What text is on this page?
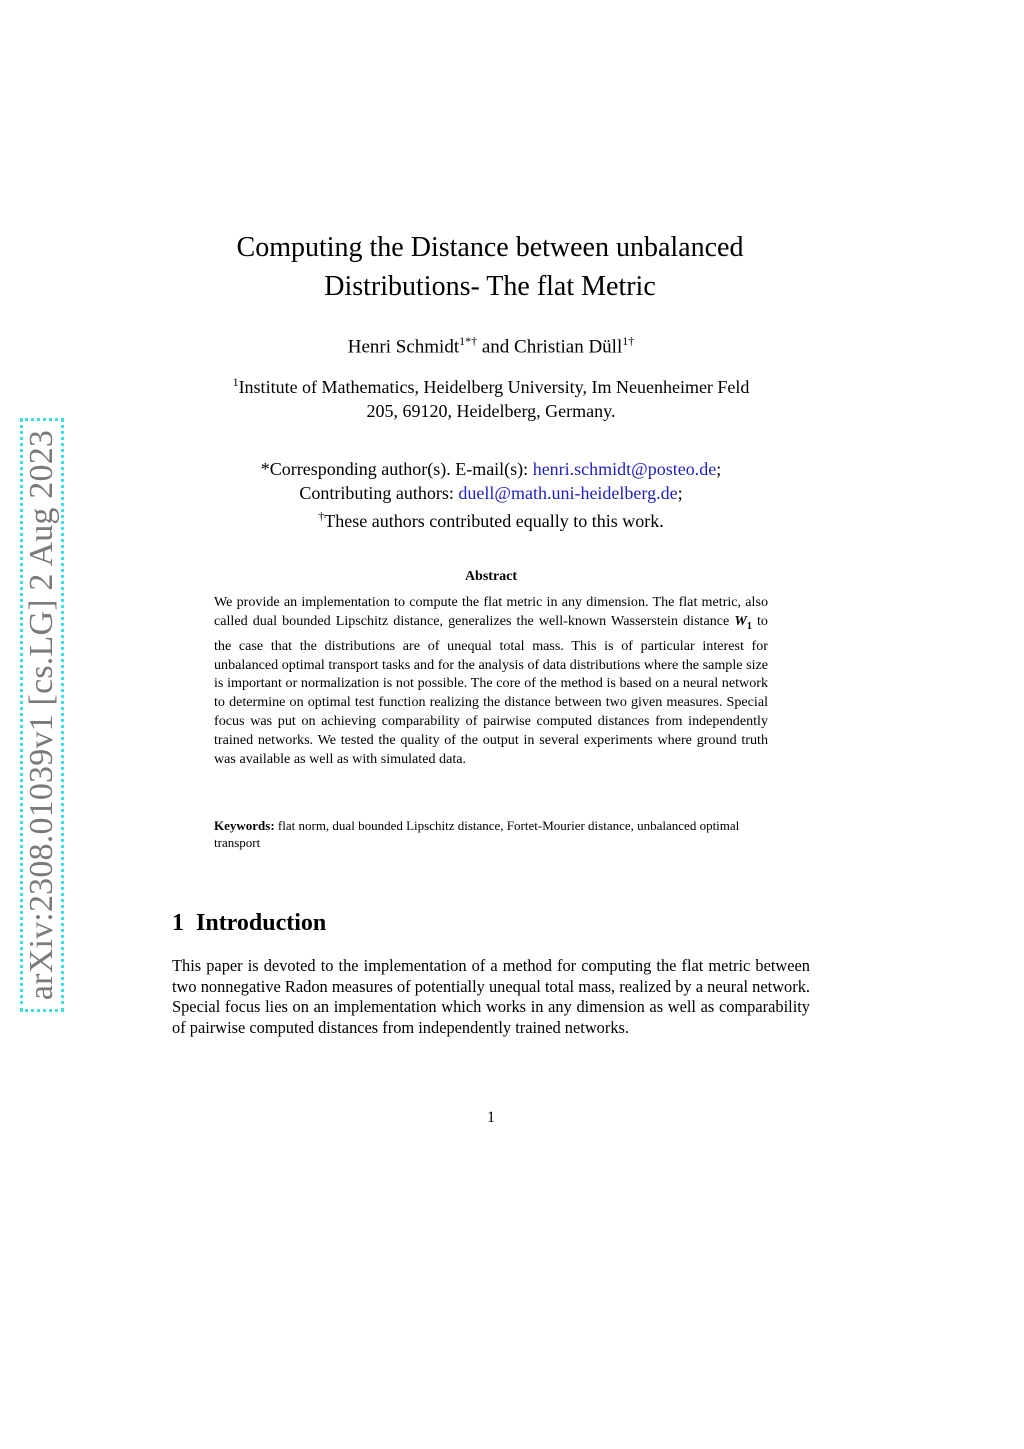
arXiv:2308.01039v1 [cs.LG] 2 Aug 2023
Computing the Distance between unbalanced
Distributions- The flat Metric

Henri Schmidt$^{1*\dagger}$ and Christian Düll$^{1\dagger}$

$^1$Institute of Mathematics, Heidelberg University, Im Neuenheimer Feld
205, 69120, Heidelberg, Germany.

*Corresponding author(s). E-mail(s): henri.schmidt@posteo.de;
Contributing authors: duell@math.uni-heidelberg.de;
†These authors contributed equally to this work.

Abstract

We provide an implementation to compute the flat metric in any dimension. The flat metric, also called dual bounded Lipschitz distance, generalizes the well-known Wasserstein distance $W_1$ to the case that the distributions are of unequal total mass. This is of particular interest for unbalanced optimal transport tasks and for the analysis of data distributions where the sample size is important or normalization is not possible. The core of the method is based on a neural network to determine on optimal test function realizing the distance between two given measures. Special focus was put on achieving comparability of pairwise computed distances from independently trained networks. We tested the quality of the output in several experiments where ground truth was available as well as with simulated data.

Keywords: flat norm, dual bounded Lipschitz distance, Fortet-Mourier distance, unbalanced optimal transport

1 Introduction

This paper is devoted to the implementation of a method for computing the flat metric between two nonnegative Radon measures of potentially unequal total mass, realized by a neural network. Special focus lies on an implementation which works in any dimension as well as comparability of pairwise computed distances from independently trained networks.

1
